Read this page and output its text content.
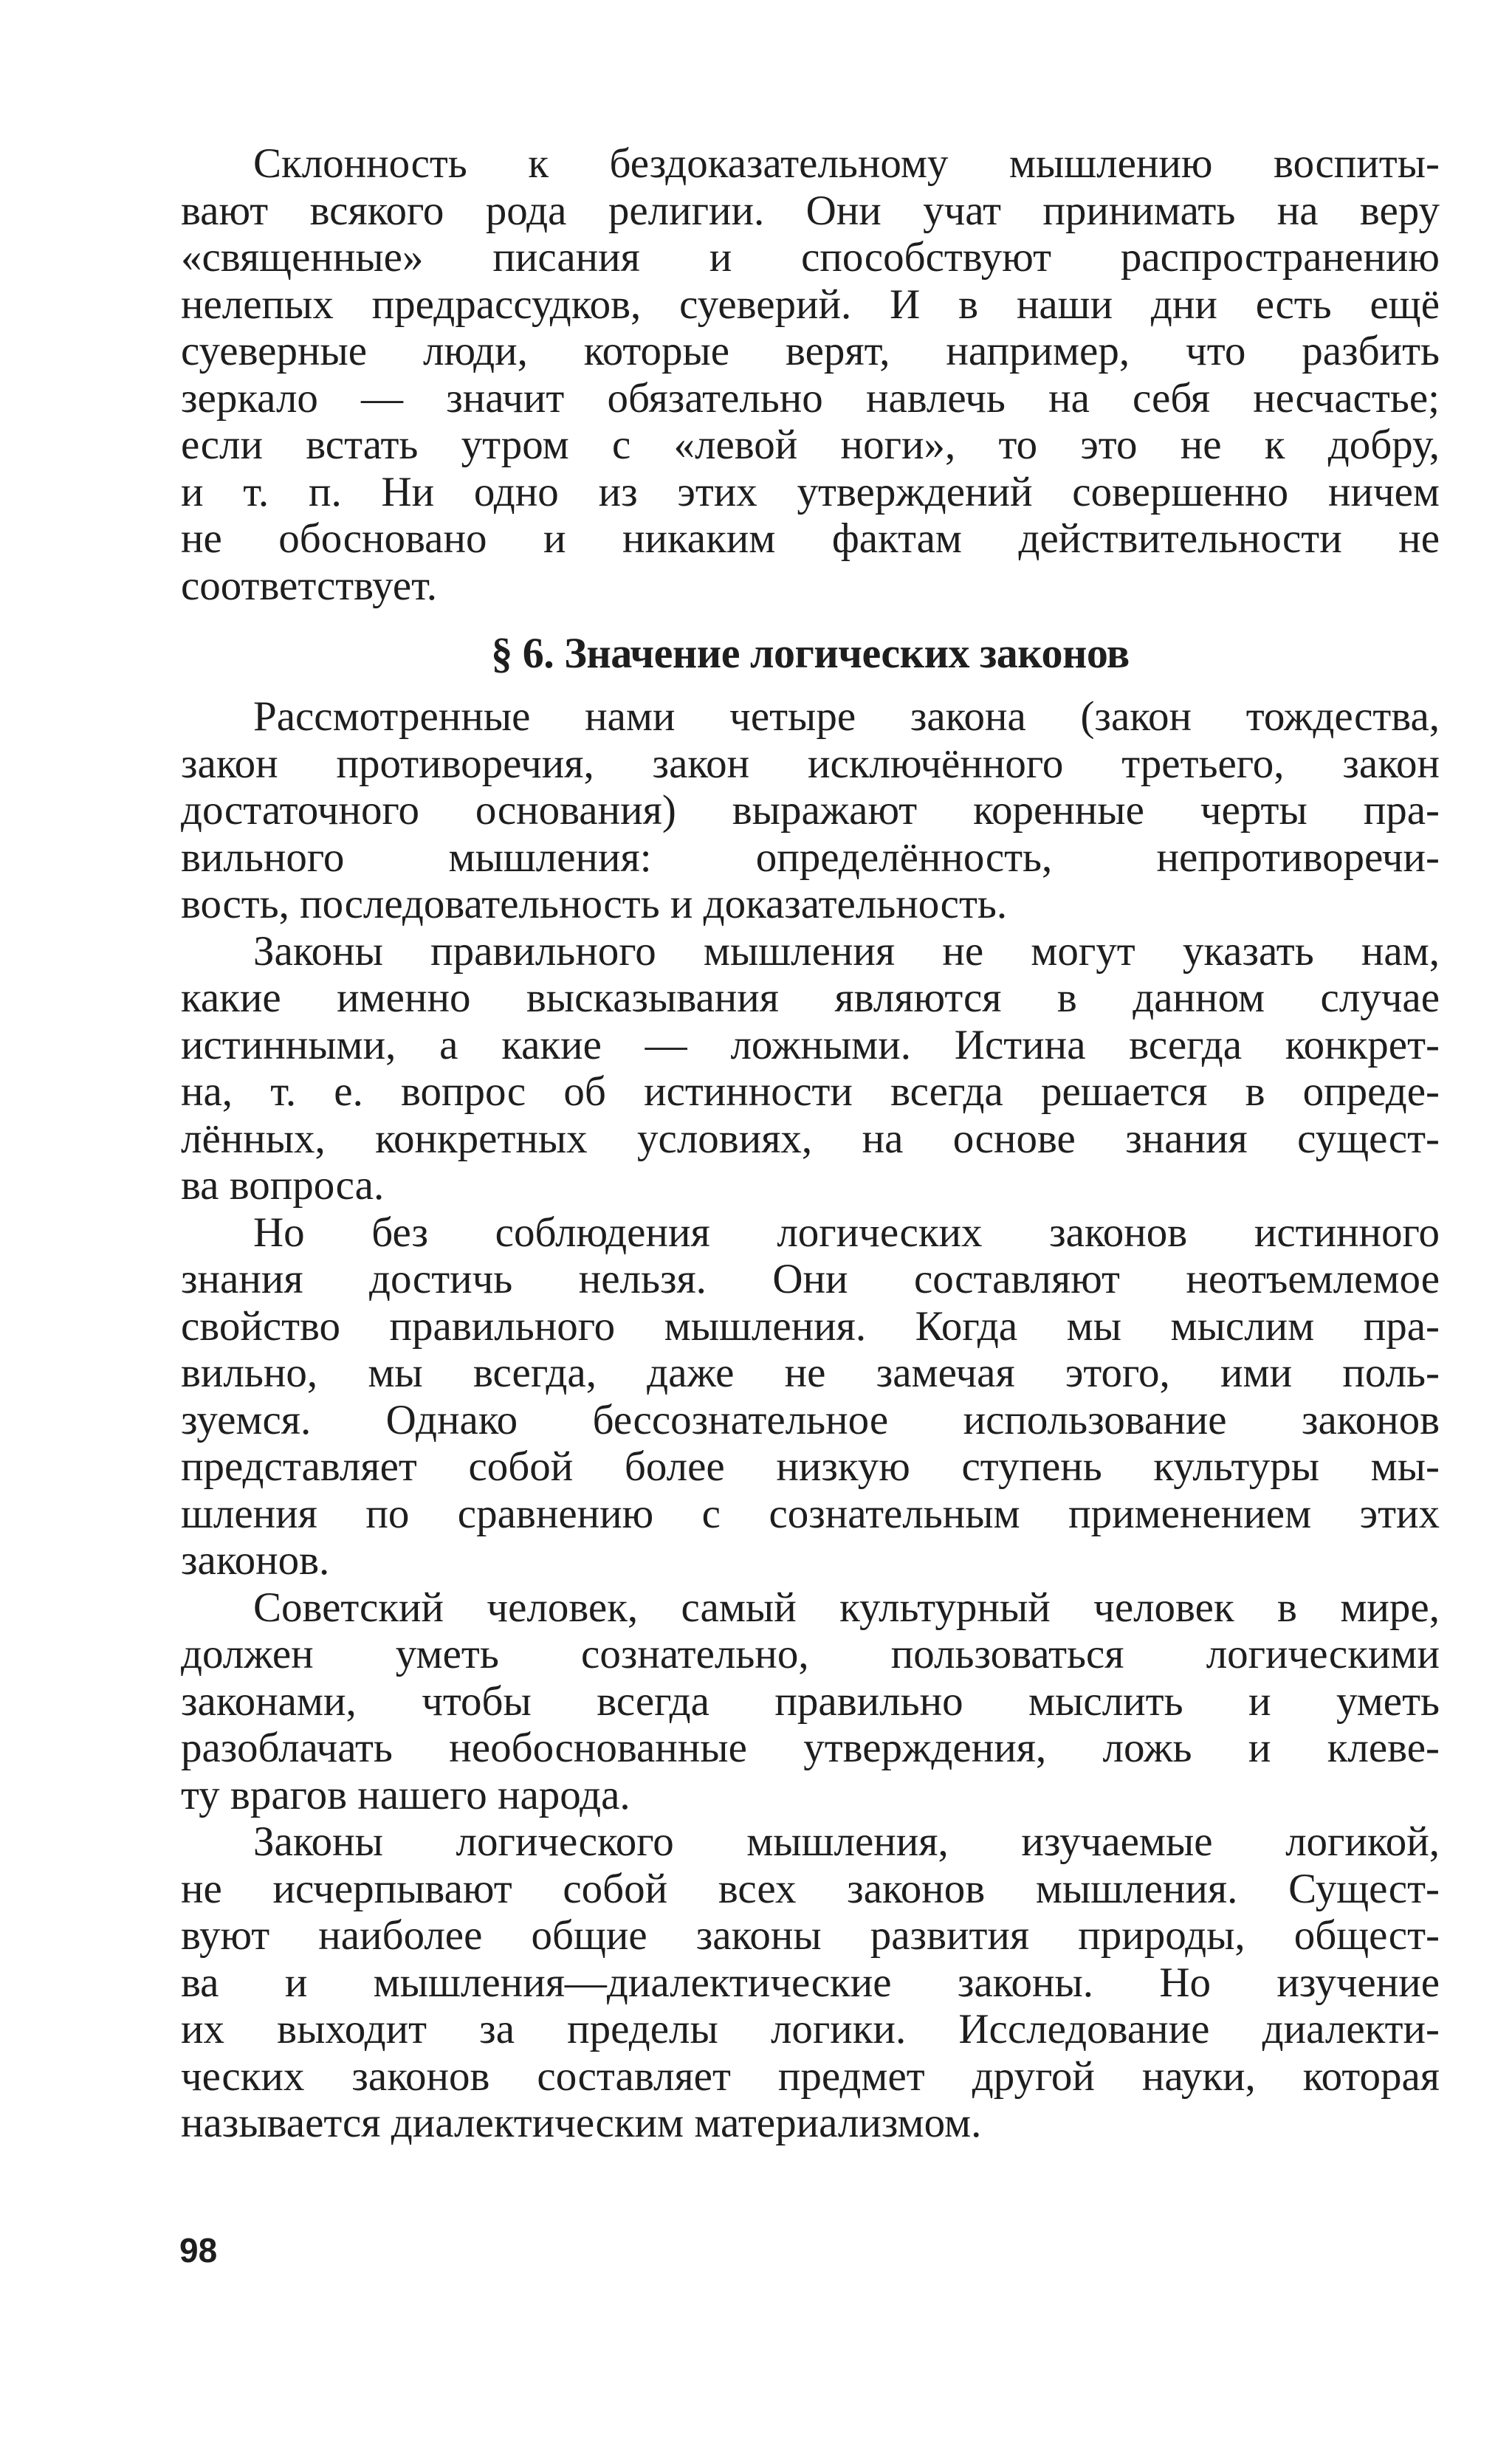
Склонность к бездоказательному мышлению воспиты-
вают всякого рода религии. Они учат принимать на веру
«священные» писания и способствуют распространению
нелепых предрассудков, суеверий. И в наши дни есть ещё
суеверные люди, которые верят, например, что разбить
зеркало — значит обязательно навлечь на себя несчастье;
если встать утром с «левой ноги», то это не к добру,
и т. п. Ни одно из этих утверждений совершенно ничем
не обосновано и никаким фактам действительности не
соответствует.
§ 6. Значение логических законов
Рассмотренные нами четыре закона (закон тождества,
закон противоречия, закон исключённого третьего, закон
достаточного основания) выражают коренные черты пра-
вильного мышления: определённость, непротиворечи-
вость, последовательность и доказательность.
Законы правильного мышления не могут указать нам,
какие именно высказывания являются в данном случае
истинными, а какие — ложными. Истина всегда конкрет-
на, т. е. вопрос об истинности всегда решается в опреде-
лённых, конкретных условиях, на основе знания сущест-
ва вопроса.
Но без соблюдения логических законов истинного
знания достичь нельзя. Они составляют неотъемлемое
свойство правильного мышления. Когда мы мыслим пра-
вильно, мы всегда, даже не замечая этого, ими поль-
зуемся. Однако бессознательное использование законов
представляет собой более низкую ступень культуры мы-
шления по сравнению с сознательным применением этих
законов.
Советский человек, самый культурный человек в мире,
должен уметь сознательно, пользоваться логическими
законами, чтобы всегда правильно мыслить и уметь
разоблачать необоснованные утверждения, ложь и клеве-
ту врагов нашего народа.
Законы логического мышления, изучаемые логикой,
не исчерпывают собой всех законов мышления. Сущест-
вуют наиболее общие законы развития природы, общест-
ва и мышления—диалектические законы. Но изучение
их выходит за пределы логики. Исследование диалекти-
ческих законов составляет предмет другой науки, которая
называется диалектическим материализмом.
98
